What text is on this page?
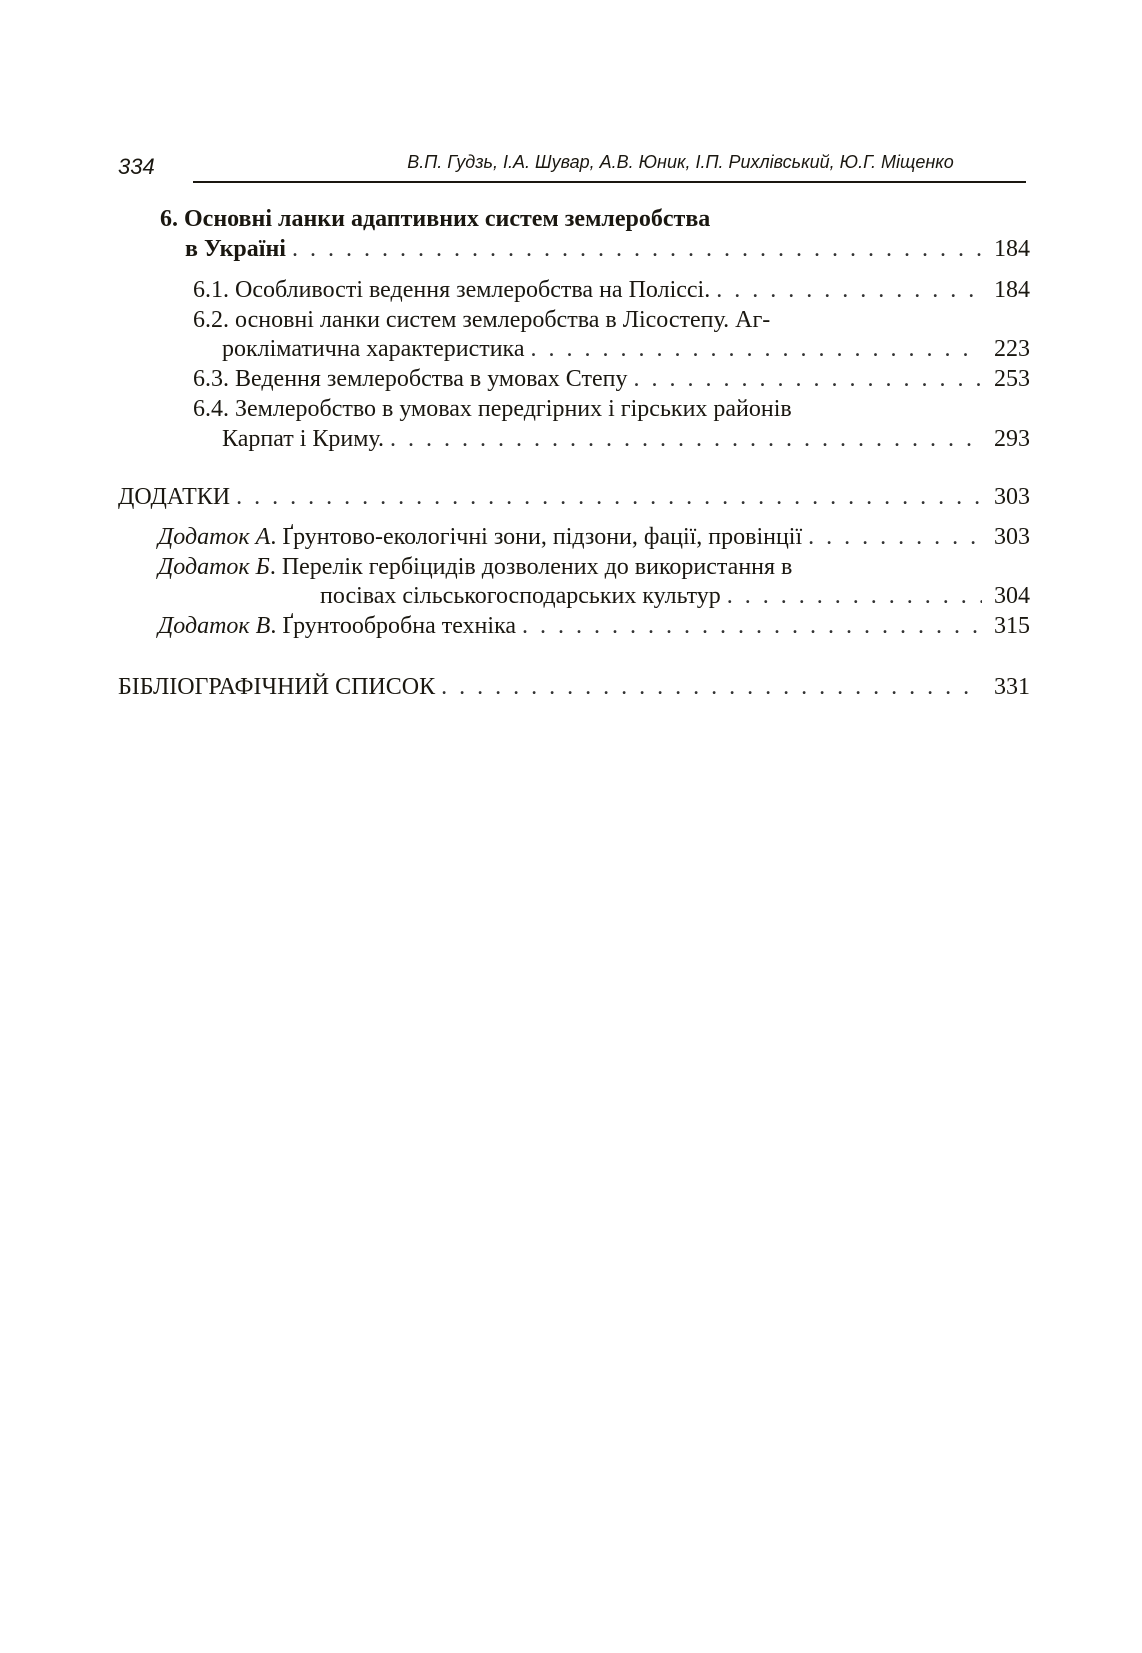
334	В.П. Гудзь, І.А. Шувар, А.В. Юник, І.П. Рихлівський, Ю.Г. Міщенко
6. Основні ланки адаптивних систем землеробства
в Україні . . .	184
6.1. Особливості ведення землеробства на Поліссі. . . .	184
6.2. основні ланки систем землеробства в Лісостепу. Аг-
рокліматична характеристика . . .	223
6.3. Ведення землеробства в умовах Степу . . .	253
6.4. Землеробство в умовах передгірних і гірських районів
Карпат і Криму. . . .	293
ДОДАТКИ . . .	303
Додаток А. Ґрунтово-екологічні зони, підзони, фації, провінції . . .	303
Додаток Б. Перелік гербіцидів дозволених до використання в
посівах сільськогосподарських культур . . .	304
Додаток В. Ґрунтообробна техніка . . .	315
БІБЛІОГРАФІЧНИЙ СПИСОК . . .	331
